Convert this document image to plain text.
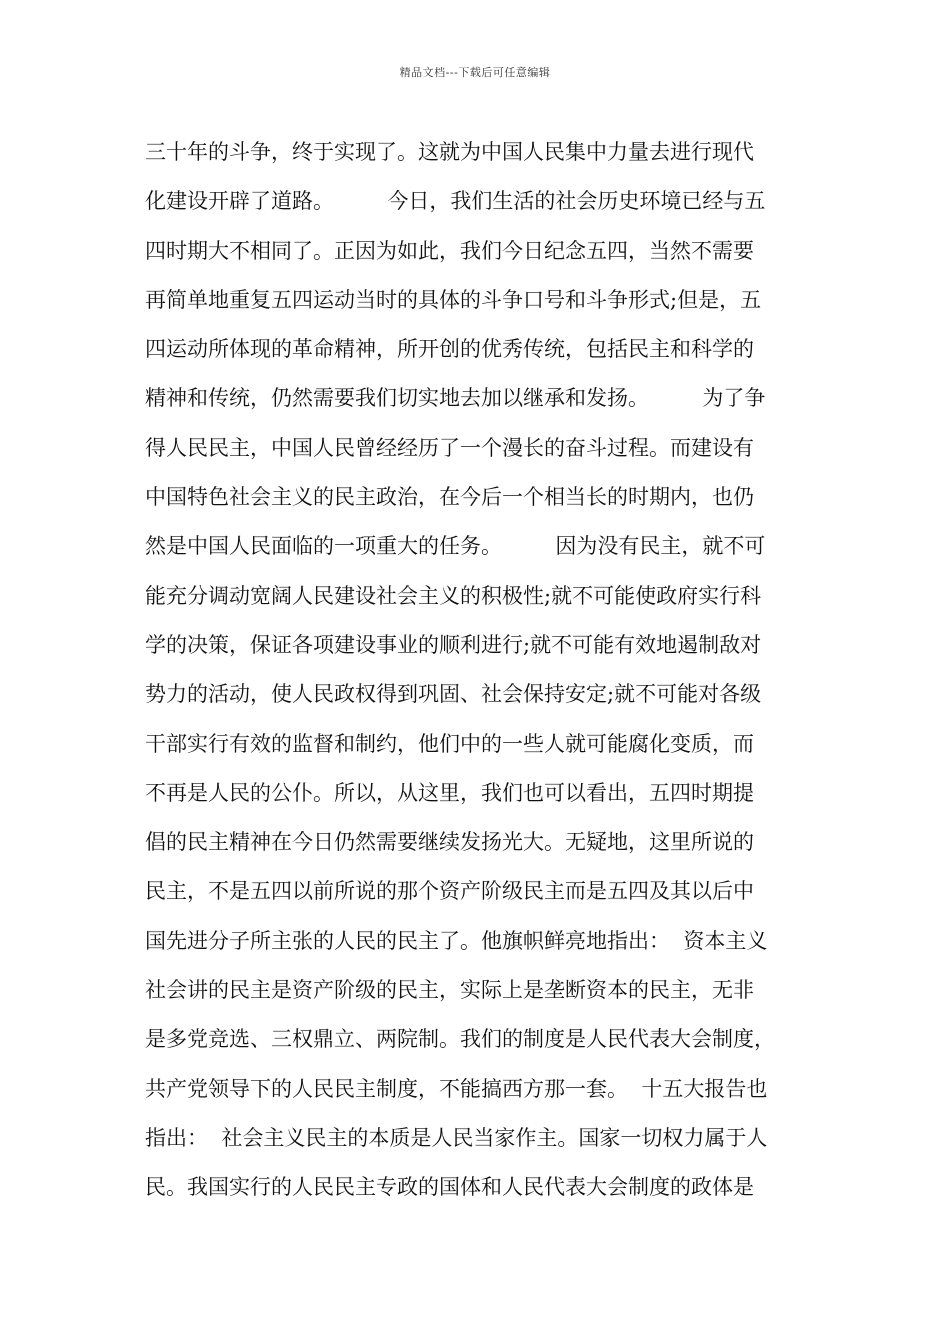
精品文档---下载后可任意编辑
三十年的斗争，终于实现了。这就为中国人民集中力量去进行现代
化建设开辟了道路。        今日，我们生活的社会历史环境已经与五
四时期大不相同了。正因为如此，我们今日纪念五四，当然不需要
再简单地重复五四运动当时的具体的斗争口号和斗争形式;但是，五
四运动所体现的革命精神，所开创的优秀传统，包括民主和科学的
精神和传统，仍然需要我们切实地去加以继承和发扬。        为了争
得人民民主，中国人民曾经经历了一个漫长的奋斗过程。而建设有
中国特色社会主义的民主政治，在今后一个相当长的时期内，也仍
然是中国人民面临的一项重大的任务。        因为没有民主，就不可
能充分调动宽阔人民建设社会主义的积极性;就不可能使政府实行科
学的决策，保证各项建设事业的顺利进行;就不可能有效地遏制敌对
势力的活动，使人民政权得到巩固、社会保持安定;就不可能对各级
干部实行有效的监督和制约，他们中的一些人就可能腐化变质，而
不再是人民的公仆。所以，从这里，我们也可以看出，五四时期提
倡的民主精神在今日仍然需要继续发扬光大。无疑地，这里所说的
民主，不是五四以前所说的那个资产阶级民主而是五四及其以后中
国先进分子所主张的人民的民主了。他旗帜鲜亮地指出：  资本主义
社会讲的民主是资产阶级的民主，实际上是垄断资本的民主，无非
是多党竞选、三权鼎立、两院制。我们的制度是人民代表大会制度，
共产党领导下的人民民主制度，不能搞西方那一套。  十五大报告也
指出：  社会主义民主的本质是人民当家作主。国家一切权力属于人
民。我国实行的人民民主专政的国体和人民代表大会制度的政体是
